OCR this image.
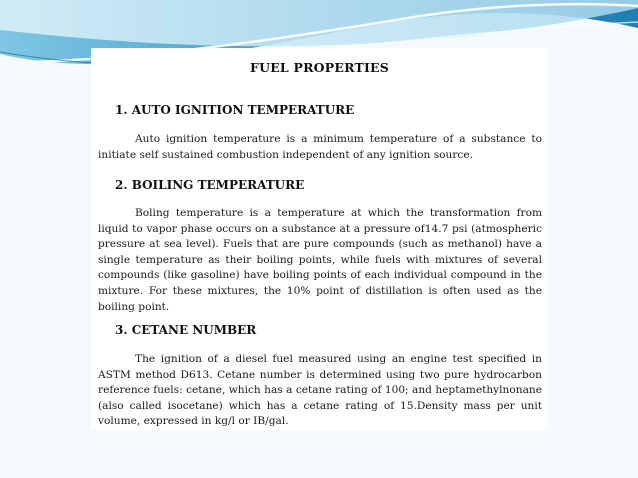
FUEL PROPERTIES
1. AUTO IGNITION TEMPERATURE

Auto ignition temperature is a minimum temperature of a substance to initiate self sustained combustion independent of any ignition source.

2. BOILING TEMPERATURE

Boling temperature is a temperature at which the transformation from liquid to vapor phase occurs on a substance at a pressure of14.7 psi (atmospheric pressure at sea level). Fuels that are pure compounds (such as methanol) have a single temperature as their boiling points, while fuels with mixtures of several compounds (like gasoline) have boiling points of each individual compound in the mixture. For these mixtures, the 10% point of distillation is often used as the boiling point.

3. CETANE NUMBER

The ignition of a diesel fuel measured using an engine test specified in ASTM method D613. Cetane number is determined using two pure hydrocarbon reference fuels: cetane, which has a cetane rating of 100; and heptamethylnonane (also called isocetane) which has a cetane rating of 15.Density mass per unit volume, expressed in kg/l or IB/gal.
